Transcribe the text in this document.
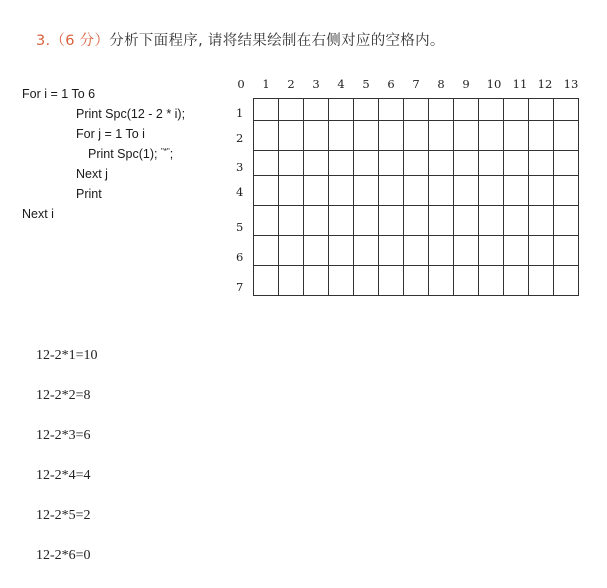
3.（6 分）分析下面程序, 请将结果绘制在右侧对应的空格内。
For i = 1 To 6
Print Spc(12 - 2 * i);
For j = 1 To i
Print Spc(1); "*";
Next j
Print
Next i
0 1 2 3 4 5 6 7 8 9 10 11 12 13
1
2
3
4
5
6
7

12-2*1=10
12-2*2=8
12-2*3=6
12-2*4=4
12-2*5=2
12-2*6=0
